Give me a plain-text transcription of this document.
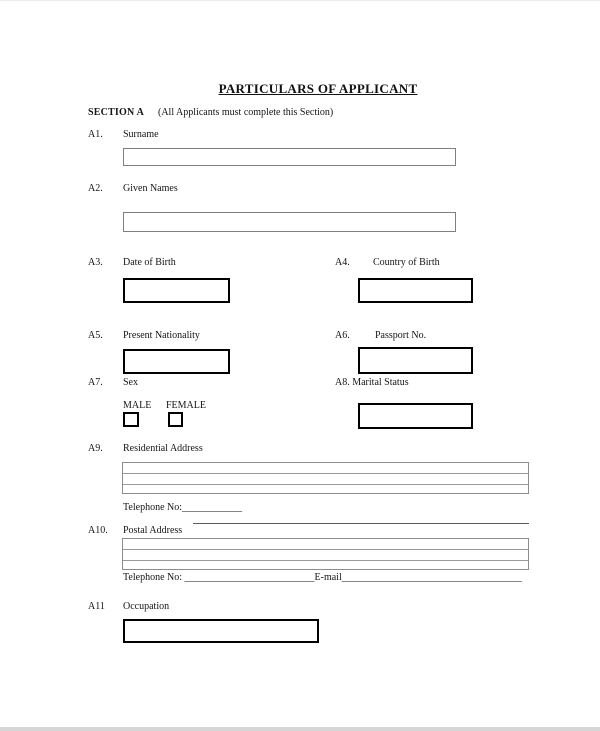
PARTICULARS OF APPLICANT
SECTION A (All Applicants must complete this Section)
A1. Surname
A2. Given Names
A3. Date of Birth	A4. Country of Birth
A5. Present Nationality	A6.	Passport No.
A7. Sex	A8. Marital Status
MALE FEMALE
A9. Residential Address
Telephone No:____________
A10. Postal Address
Telephone No: __________________________E-mail____________________________________
A11 Occupation
